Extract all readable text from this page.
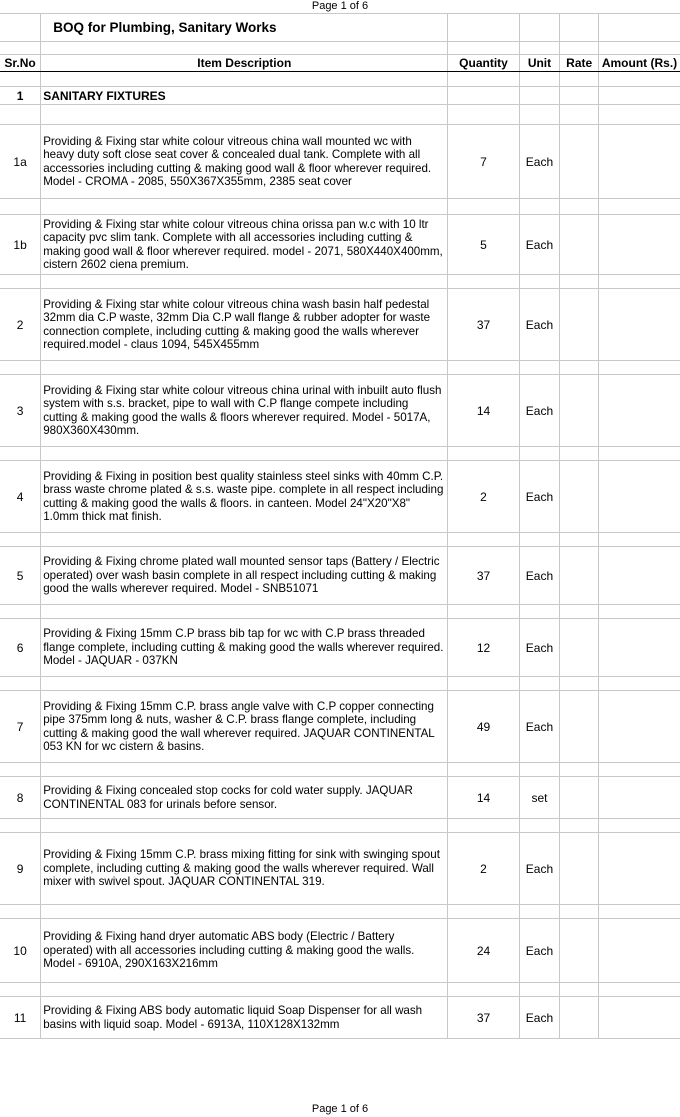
Page 1 of 6
	BOQ for Plumbing, Sanitary Works				

Sr.No	Item Description	Quantity	Unit	Rate	Amount (Rs.)

1	SANITARY FIXTURES				

1a	Providing & Fixing star white colour vitreous china wall mounted wc with heavy duty soft close seat cover & concealed dual tank. Complete with all accessories including cutting & making good wall & floor wherever required. Model - CROMA - 2085, 550X367X355mm, 2385 seat cover	7	Each		

1b	Providing & Fixing star white colour vitreous china orissa pan w.c with 10 ltr capacity pvc slim tank. Complete with all accessories including cutting & making good wall & floor wherever required. model - 2071, 580X440X400mm, cistern 2602 ciena premium.	5	Each		

2	Providing & Fixing star white colour vitreous china wash basin half pedestal 32mm dia C.P waste, 32mm Dia C.P wall flange & rubber adopter for waste connection complete, including cutting & making good the walls wherever required.model - claus 1094, 545X455mm	37	Each		

3	Providing & Fixing star white colour vitreous china urinal with inbuilt auto flush system with s.s. bracket, pipe to wall with C.P flange compete including cutting & making good the walls & floors wherever required. Model - 5017A, 980X360X430mm.	14	Each		

4	Providing & Fixing in position best quality stainless steel sinks with 40mm C.P. brass waste chrome plated & s.s. waste pipe. complete in all respect including cutting & making good the walls & floors. in canteen. Model 24"X20"X8" 1.0mm thick mat finish.	2	Each		

5	Providing & Fixing chrome plated wall mounted sensor taps (Battery / Electric operated) over wash basin complete in all respect including cutting & making good the walls wherever required. Model - SNB51071	37	Each		

6	Providing & Fixing 15mm C.P brass bib tap for wc with C.P brass threaded flange complete, including cutting & making good the walls wherever required. Model - JAQUAR - 037KN	12	Each		

7	Providing & Fixing 15mm C.P. brass angle valve with C.P copper connecting pipe 375mm long & nuts, washer & C.P. brass flange complete, including cutting & making good the wall wherever required. JAQUAR CONTINENTAL 053 KN for wc cistern & basins.	49	Each		

8	Providing & Fixing concealed stop cocks for cold water supply. JAQUAR CONTINENTAL 083 for urinals before sensor.	14	set		

9	Providing & Fixing 15mm C.P. brass mixing fitting for sink with swinging spout complete, including cutting & making good the walls wherever required. Wall mixer with swivel spout. JAQUAR CONTINENTAL 319.	2	Each		

10	Providing & Fixing hand dryer automatic ABS body (Electric / Battery operated) with all accessories including cutting & making good the walls. Model - 6910A, 290X163X216mm	24	Each		

11	Providing & Fixing ABS body automatic liquid Soap Dispenser for all wash basins with liquid soap. Model - 6913A, 110X128X132mm	37	Each		
Page 1 of 6
